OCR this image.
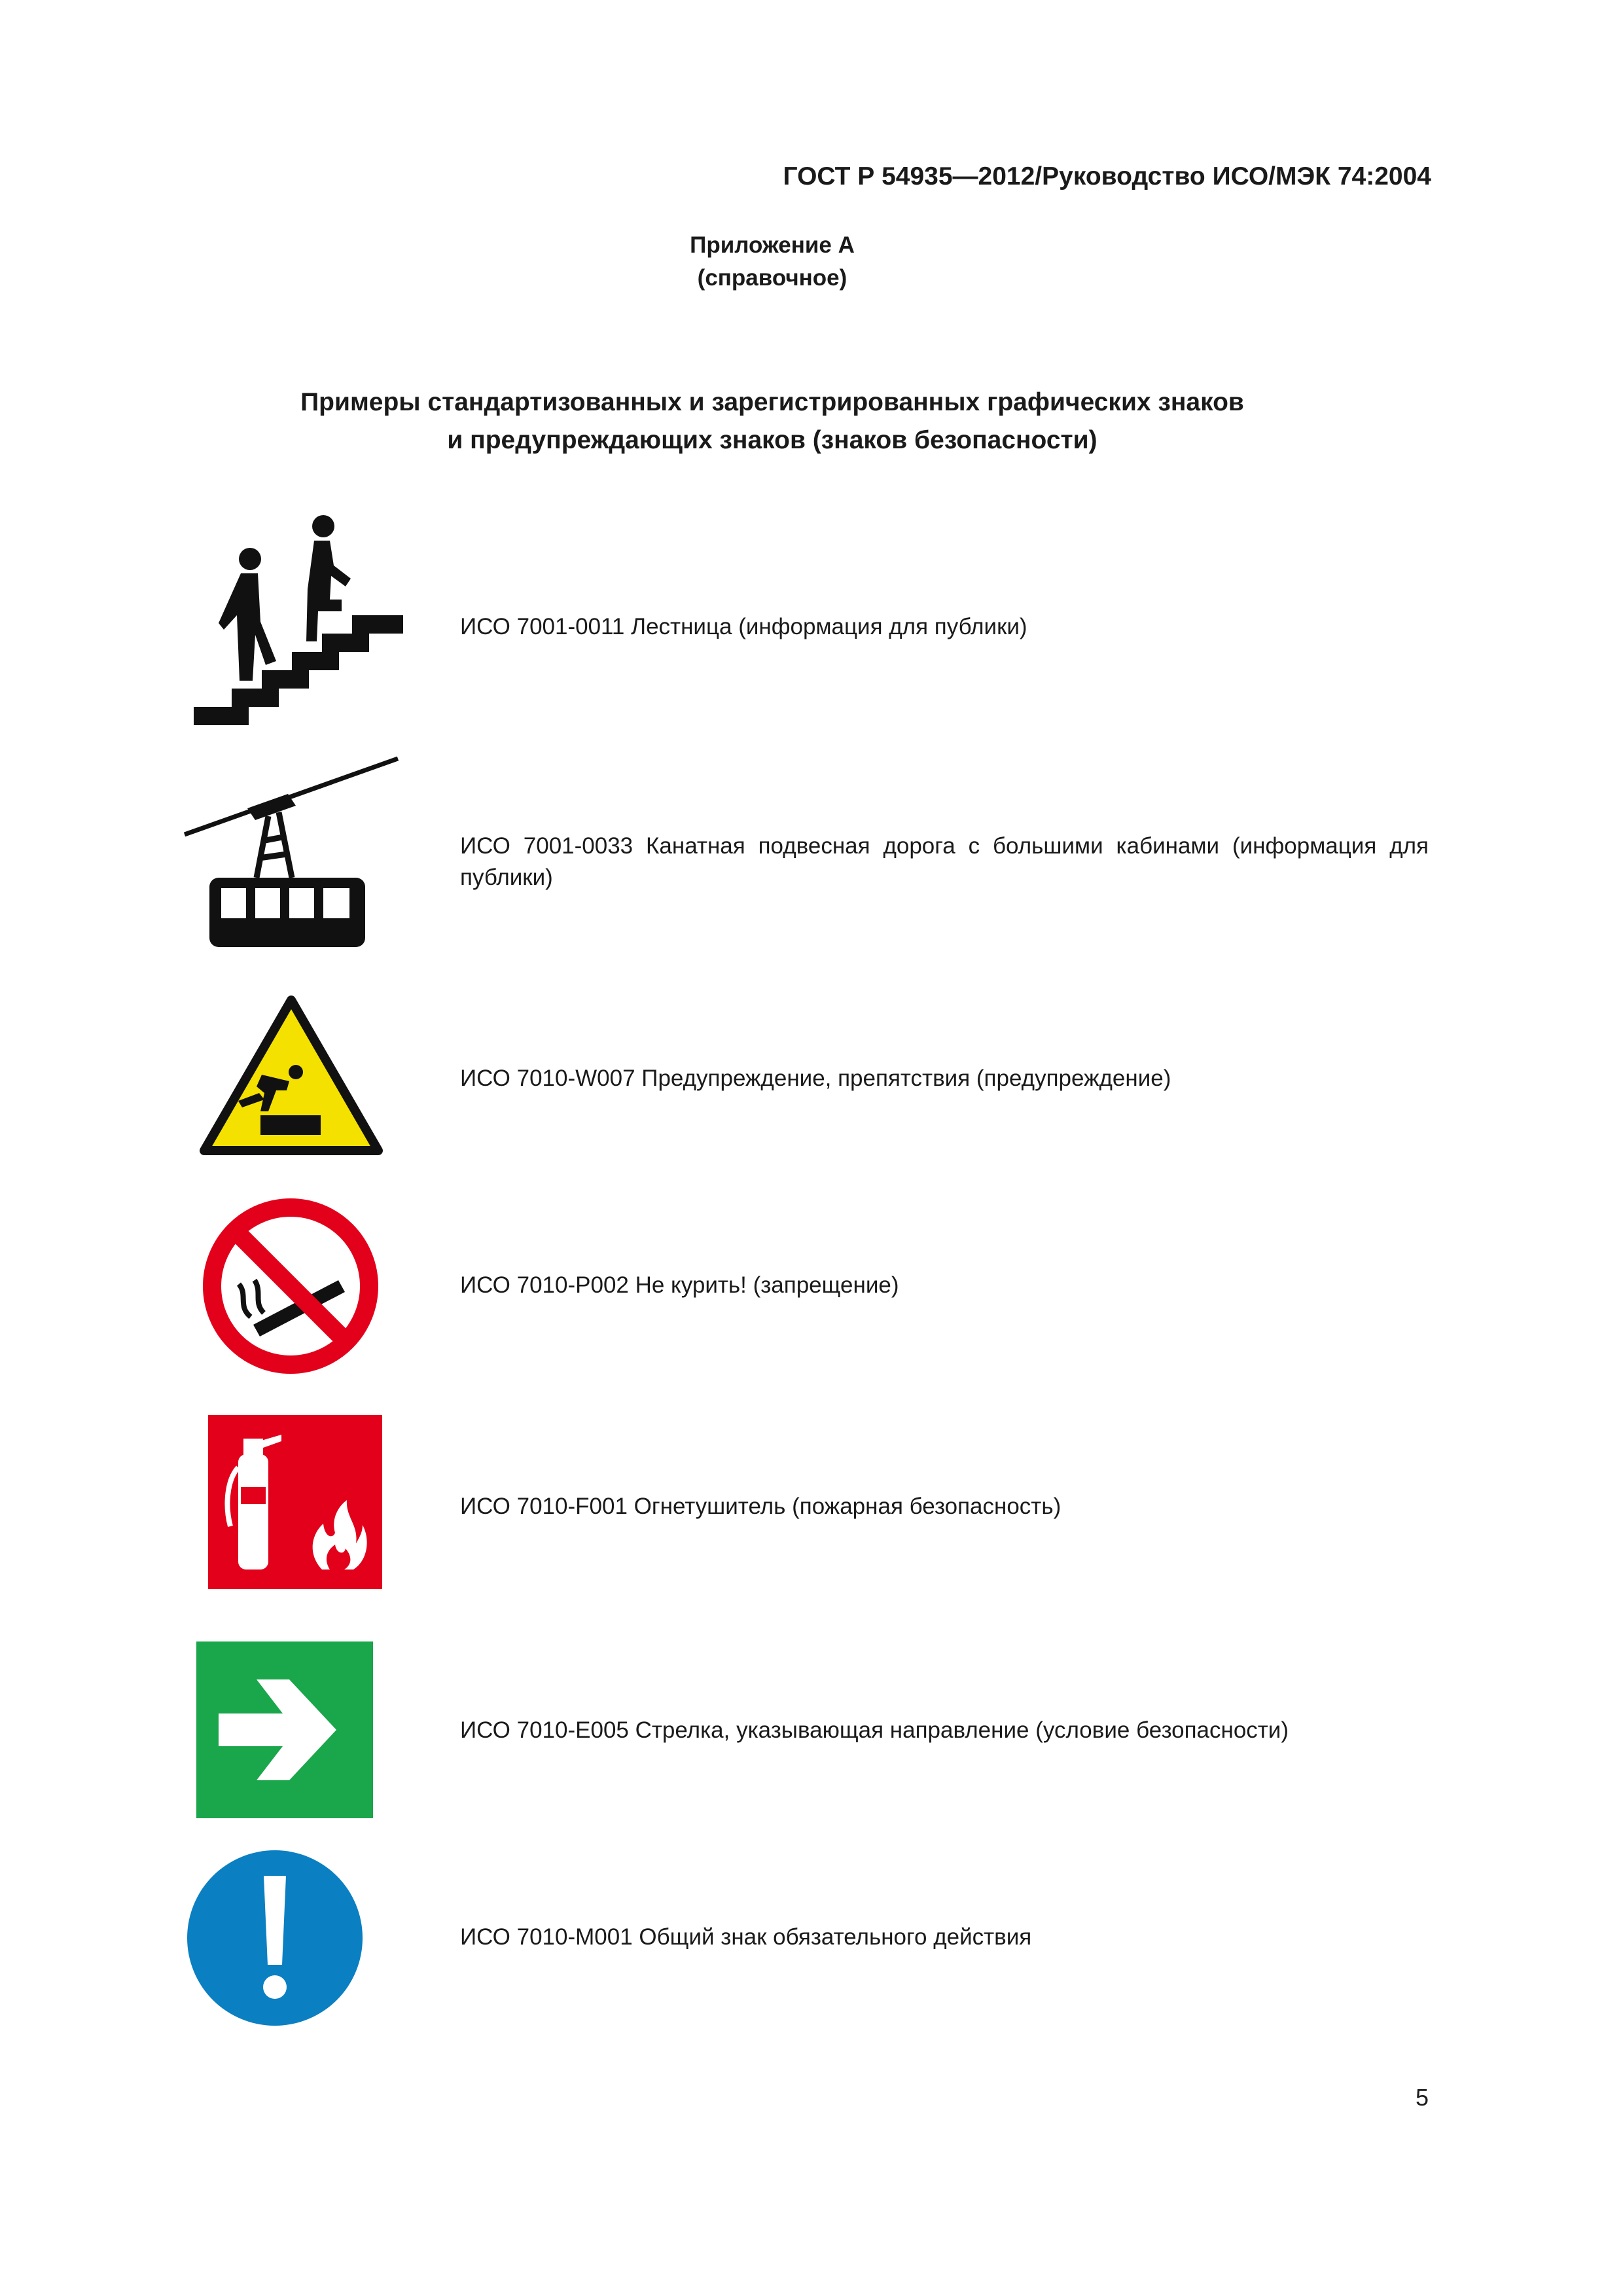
ГОСТ Р 54935—2012/Руководство ИСО/МЭК 74:2004
Приложение А
(справочное)
Примеры стандартизованных и зарегистрированных графических знаков
и предупреждающих знаков (знаков безопасности)
ИСО 7001-0011 Лестница (информация для публики)
ИСО 7001-0033 Канатная подвесная дорога с большими кабинами (информация для публики)
ИСО 7010-W007 Предупреждение, препятствия (предупреждение)
ИСО 7010-P002 Не курить! (запрещение)
ИСО 7010-F001 Огнетушитель (пожарная безопасность)
ИСО 7010-E005 Стрелка, указывающая направление (условие безопасности)
ИСО 7010-M001 Общий знак обязательного действия
5
